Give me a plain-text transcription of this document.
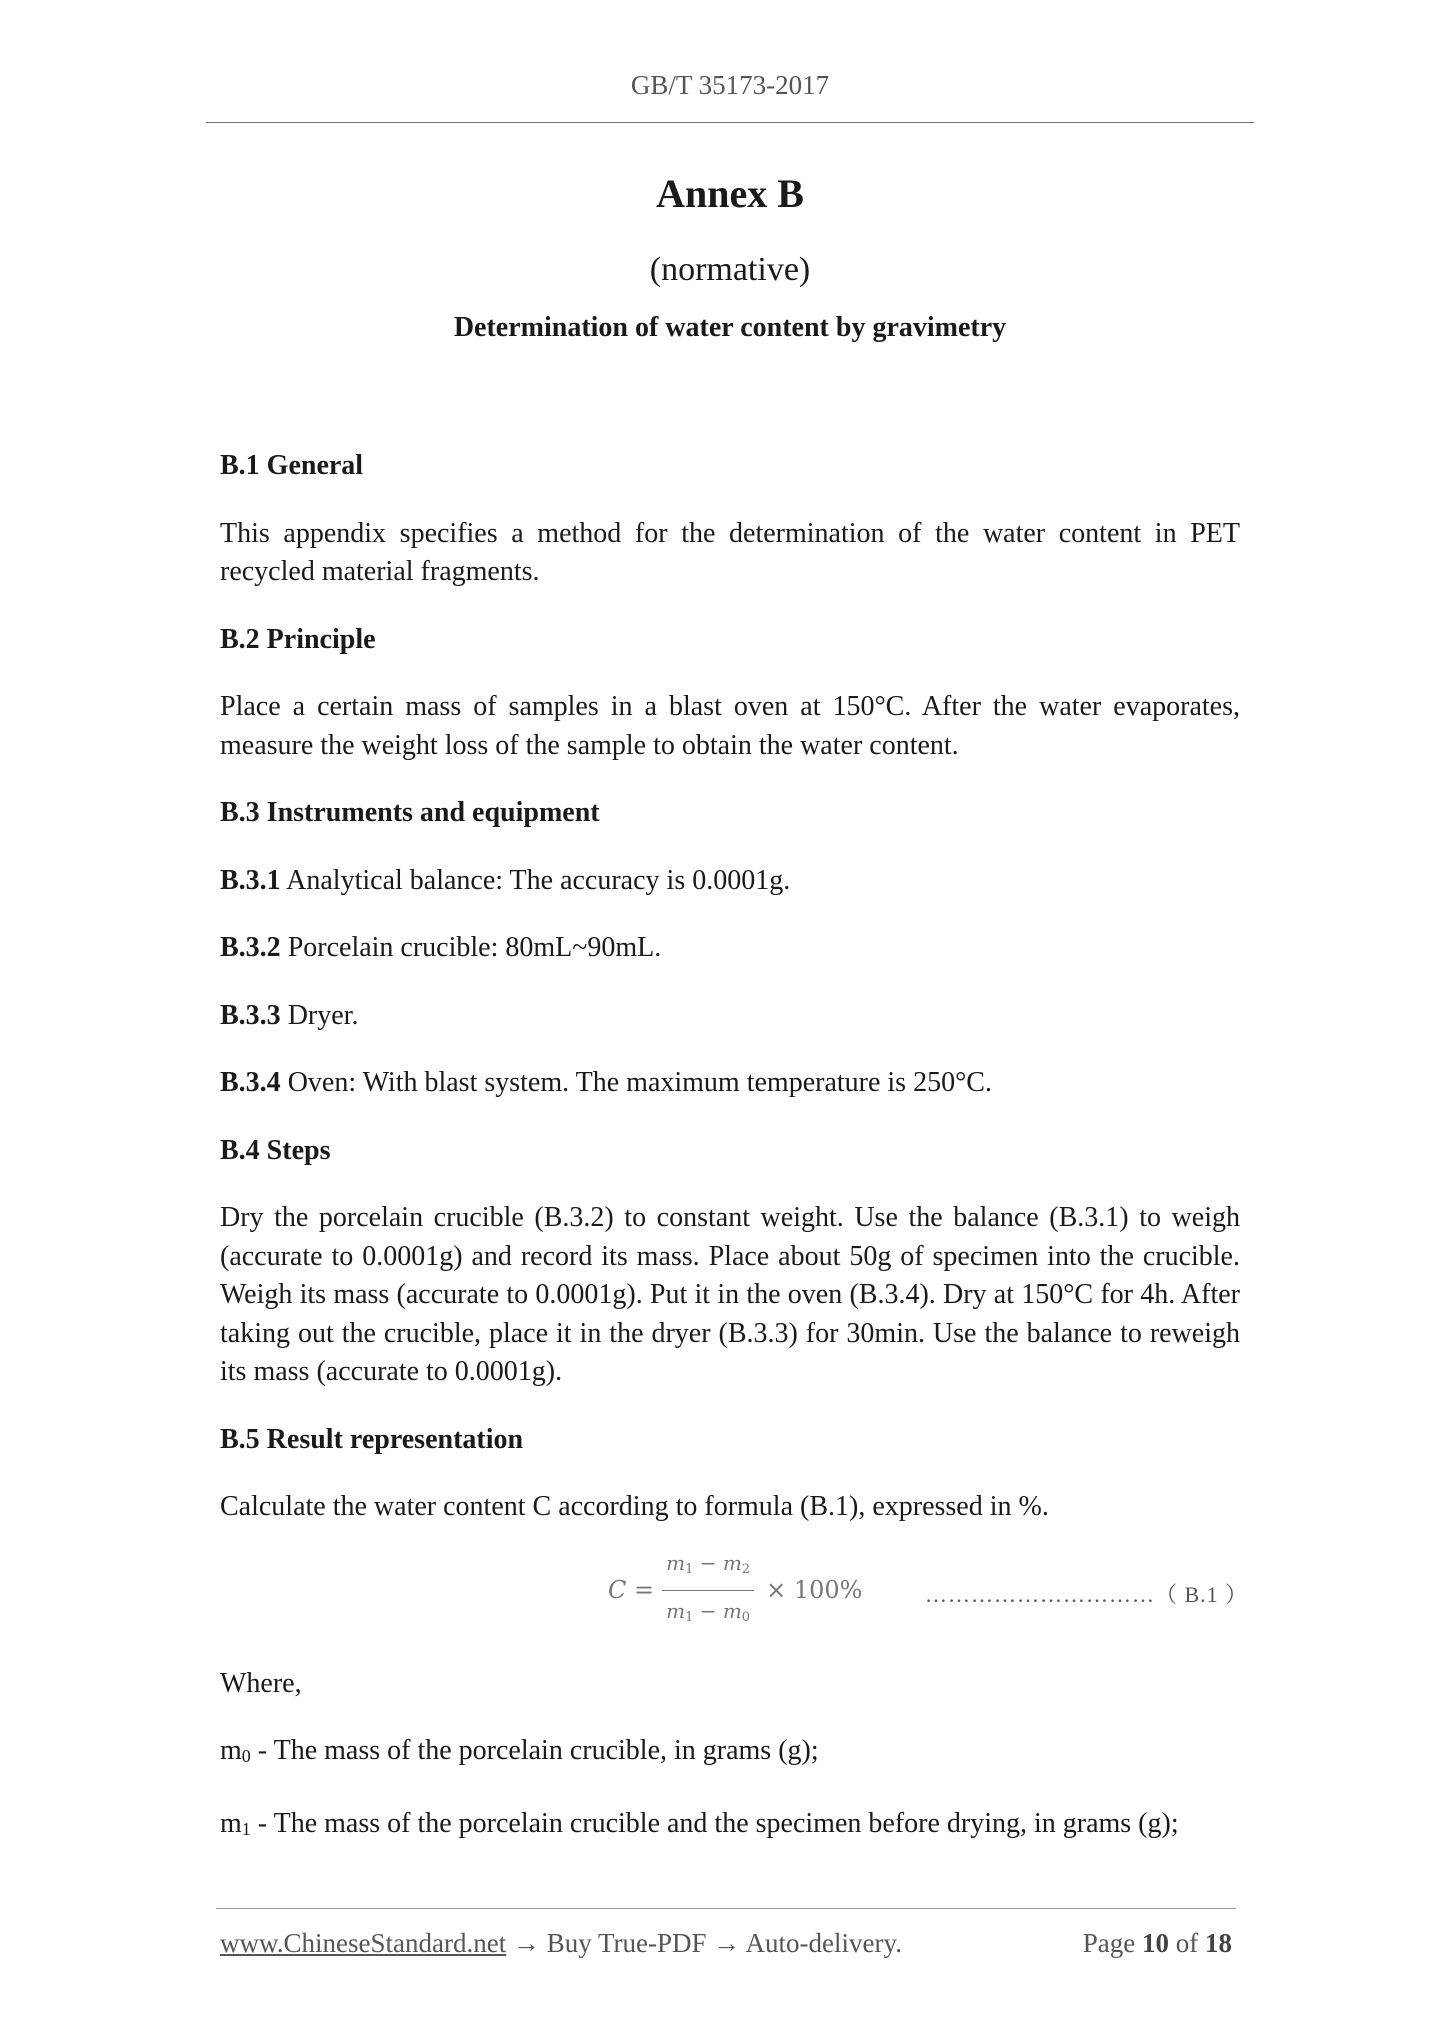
GB/T 35173-2017
Annex B
(normative)
Determination of water content by gravimetry
B.1 General

This appendix specifies a method for the determination of the water content in PET recycled material fragments.

B.2 Principle

Place a certain mass of samples in a blast oven at 150°C. After the water evaporates, measure the weight loss of the sample to obtain the water content.

B.3 Instruments and equipment

B.3.1 Analytical balance: The accuracy is 0.0001g.

B.3.2 Porcelain crucible: 80mL~90mL.

B.3.3 Dryer.

B.3.4 Oven: With blast system. The maximum temperature is 250°C.

B.4 Steps

Dry the porcelain crucible (B.3.2) to constant weight. Use the balance (B.3.1) to weigh (accurate to 0.0001g) and record its mass. Place about 50g of specimen into the crucible. Weigh its mass (accurate to 0.0001g). Put it in the oven (B.3.4). Dry at 150°C for 4h. After taking out the crucible, place it in the dryer (B.3.3) for 30min. Use the balance to reweigh its mass (accurate to 0.0001g).

B.5 Result representation

Calculate the water content C according to formula (B.1), expressed in %.

$C = \frac{m_1 - m_2}{m_1 - m_0} \times 100\%$	…………………………（ B.1 ）

Where,

$m_0$ - The mass of the porcelain crucible, in grams (g);

$m_1$ - The mass of the porcelain crucible and the specimen before drying, in grams (g);

www.ChineseStandard.net → Buy True-PDF → Auto-delivery.	Page 10 of 18
